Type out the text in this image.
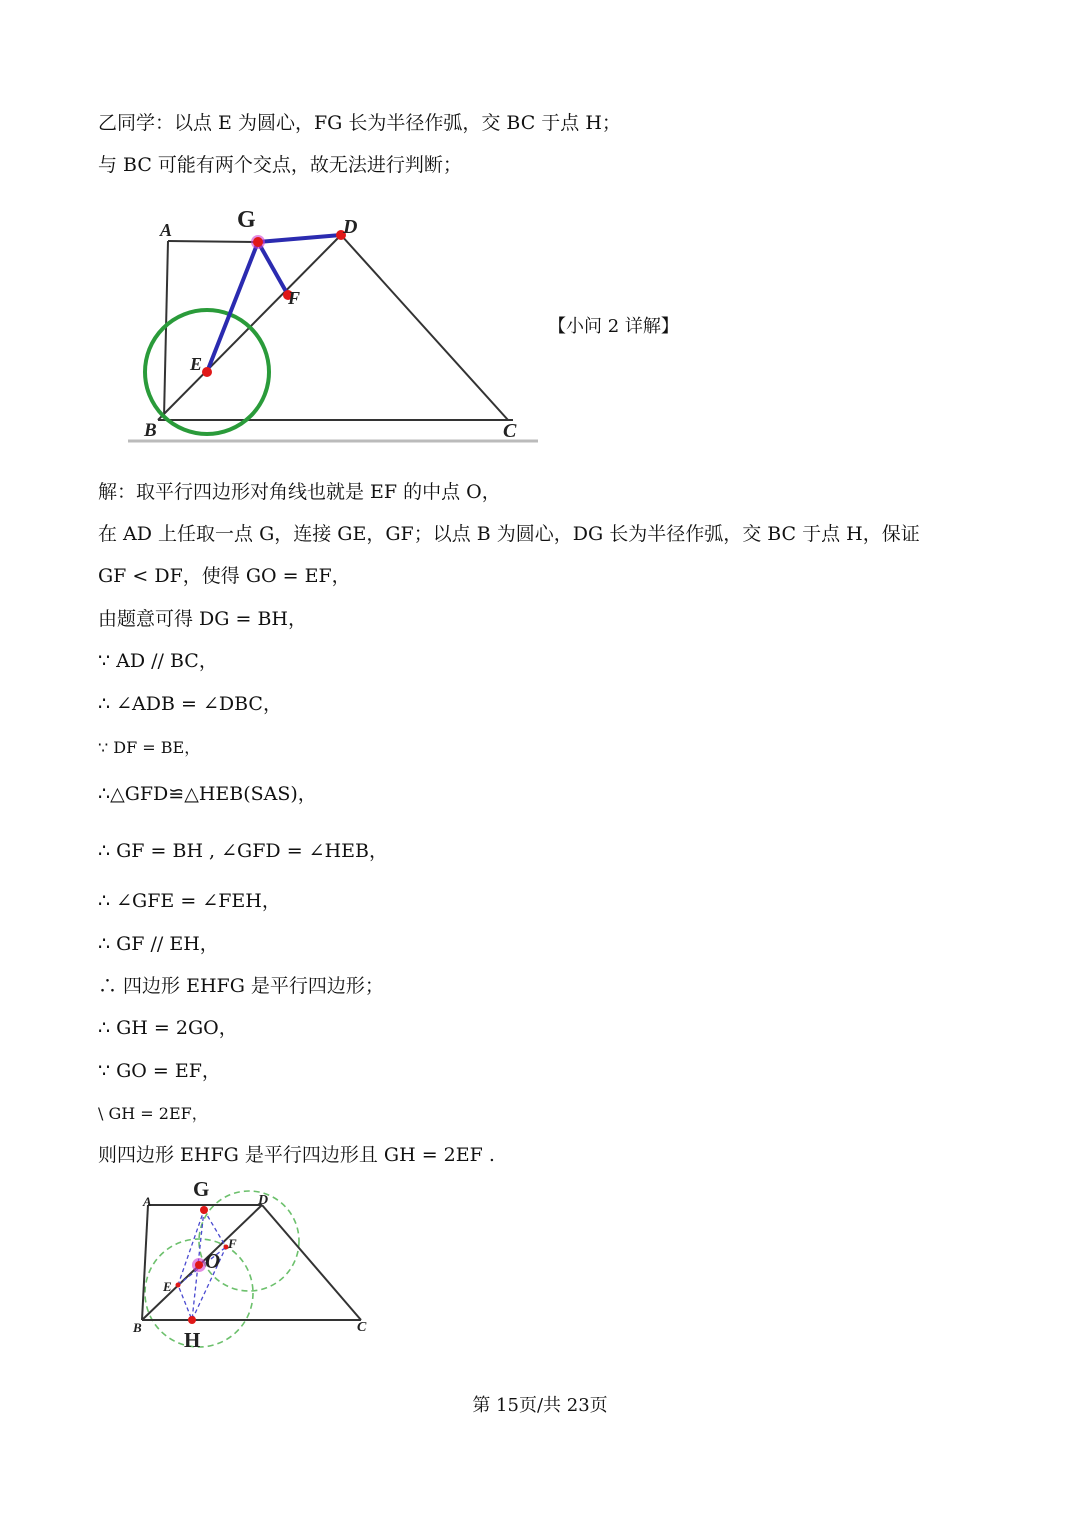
乙同学：以点 E 为圆心，FG 长为半径作弧，交 BC 于点 H；
与 BC 可能有两个交点，故无法进行判断；
A	G	D
F
E
B	C
【小问 2 详解】
解：取平行四边形对角线也就是 EF 的中点 O，
在 AD 上任取一点 G，连接 GE，GF；以点 B 为圆心，DG 长为半径作弧，交 BC 于点 H，保证
GF < DF，使得 GO = EF，
由题意可得 DG = BH，
∵ AD // BC，
∴ ∠ADB = ∠DBC，
∵ DF = BE，
∴△GFD≌△HEB(SAS)，
∴ GF = BH , ∠GFD = ∠HEB，
∴ ∠GFE = ∠FEH，
∴ GF // EH，
∴ 四边形 EHFG 是平行四边形；
∴ GH = 2GO，
∵ GO = EF，
\ GH = 2EF，
则四边形 EHFG 是平行四边形且 GH = 2EF .
A
G	D
F
O
E
B
H
C
第 15页/共 23页
